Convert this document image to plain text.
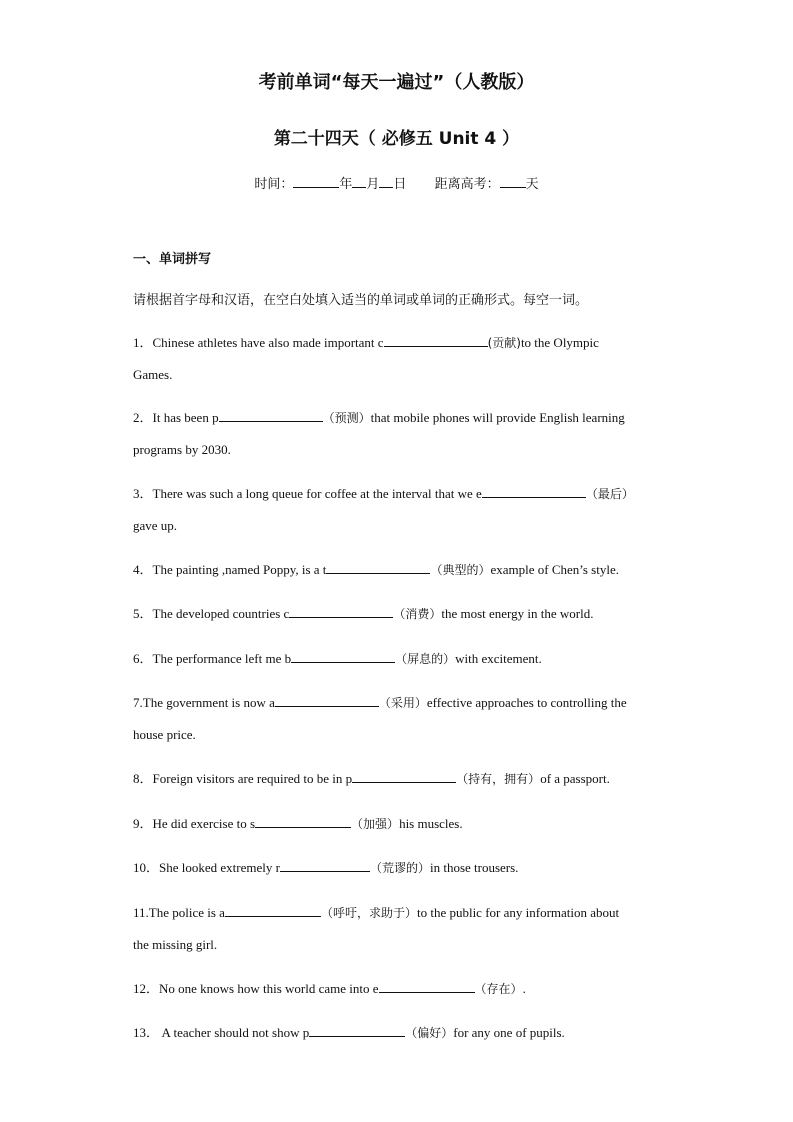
考前单词“每天一遍过”（人教版）
第二十四天（ 必修五 Unit 4 ）
时间：	年 月 日 距离高考： 天
一、单词拼写
请根据首字母和汉语，在空白处填入适当的单词或单词的正确形式。每空一词。
1．Chinese athletes have also made important c	(贡献)to the Olympic
Games.
2．It has been p	（预测）that mobile phones will provide English learning
programs by 2030.
3．There was such a long queue for coffee at the interval that we e	（最后）
gave up.
4．The painting ,named Poppy, is a t	（典型的）example of Chen’s style.
5．The developed countries c	（消费）the most energy in the world.
6．The performance left me b	（屏息的）with excitement.
7.The government is now a	（采用）effective approaches to controlling the
house price.
8．Foreign visitors are required to be in p	（持有，拥有）of a passport.
9．He did exercise to s	（加强）his muscles.
10．She looked extremely r	（荒谬的）in those trousers.
11.The police is a	（呼吁，求助于）to the public for any information about
the missing girl.
12．No one knows how this world came into e	（存在）.
13． A teacher should not show p	（偏好）for any one of pupils.
